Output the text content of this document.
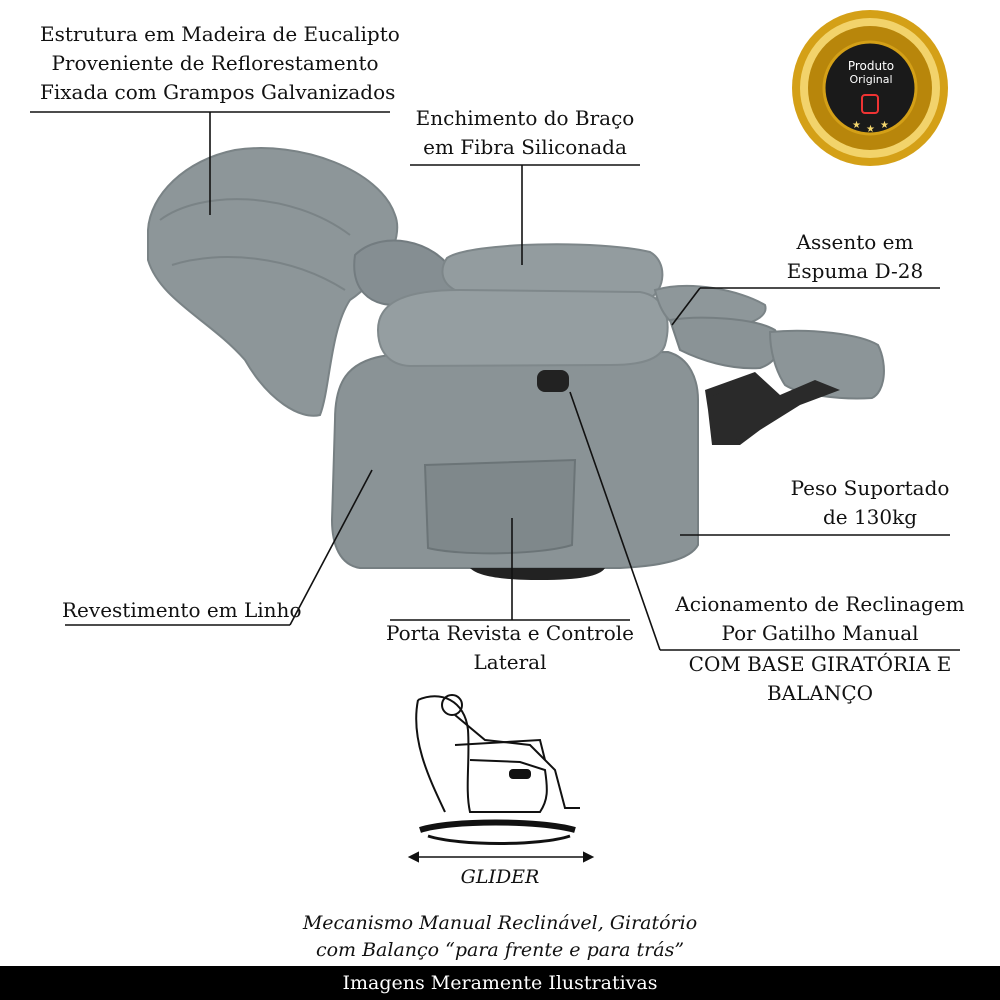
★ ★ ★
Estrutura em Madeira de Eucalipto
Proveniente de Reflorestamento
Fixada com Grampos Galvanizados
Enchimento do Braço
em Fibra Siliconada
Assento em
Espuma D-28
Peso Suportado
de 130kg
Revestimento em Linho
Porta Revista e Controle
Lateral
Acionamento de Reclinagem
Por Gatilho Manual
COM BASE GIRATÓRIA E
BALANÇO
Produto
Original
GLIDER
Mecanismo Manual Reclinável, Giratório
com Balanço “para frente e para trás”
Imagens Meramente Ilustrativas
